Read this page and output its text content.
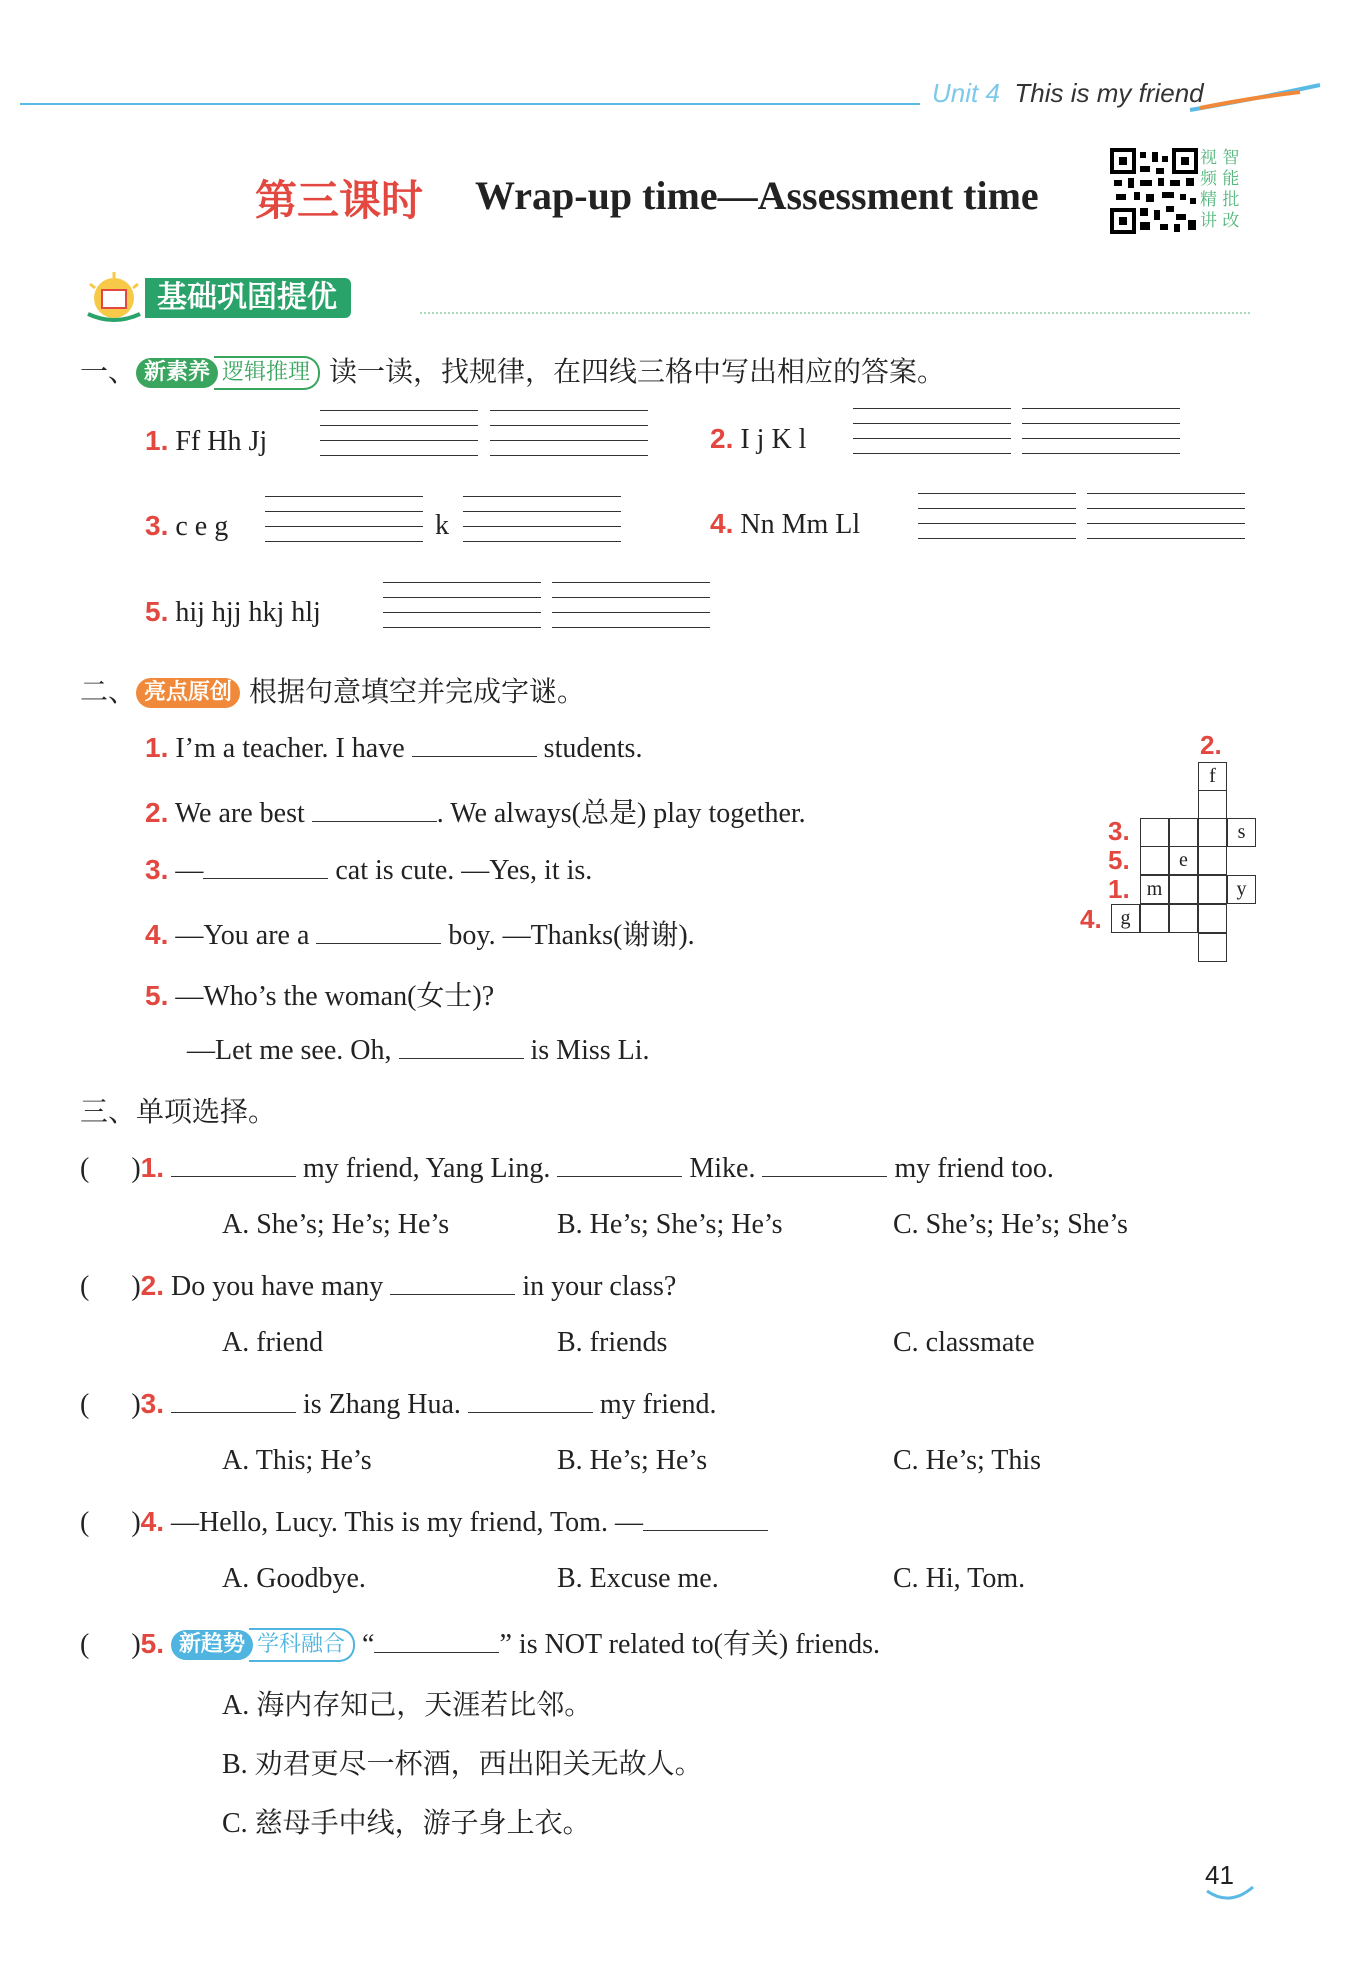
Unit 4 This is my friend
第三课时 Wrap-up time—Assessment time
视 智
频 能
精 批
讲 改
基础巩固提优
一、 新素养 逻辑推理 读一读，找规律，在四线三格中写出相应的答案。
1. Ff Hh Jj	2. I j K l
3. c e g	k	4. Nn Mm Ll
5. hij hjj hkj hlj
二、 亮点原创 根据句意填空并完成字谜。
1. I’m a teacher. I have	students.
2. We are best	. We always(总是) play together.
3. —	cat is cute. —Yes, it is.
4. —You are a	boy. —Thanks(谢谢).
5. —Who’s the woman(女士)?
—Let me see. Oh,	is Miss Li.
2.
3.
5.
1.
4.
f
s
e
m	y
g
三、单项选择。
(      )1.	my friend, Yang Ling.	Mike.	my friend too.
A. She’s; He’s; He’s	B. He’s; She’s; He’s	C. She’s; He’s; She’s
(      )2. Do you have many	in your class?
A. friend	B. friends	C. classmate
(      )3.	is Zhang Hua.	my friend.
A. This; He’s	B. He’s; He’s	C. He’s; This
(      )4. —Hello, Lucy. This is my friend, Tom. —
A. Goodbye.	B. Excuse me.	C. Hi, Tom.
(      )5. 新趋势 学科融合 “	” is NOT related to(有关) friends.
A. 海内存知己，天涯若比邻。
B. 劝君更尽一杯酒，西出阳关无故人。
C. 慈母手中线，游子身上衣。
41
